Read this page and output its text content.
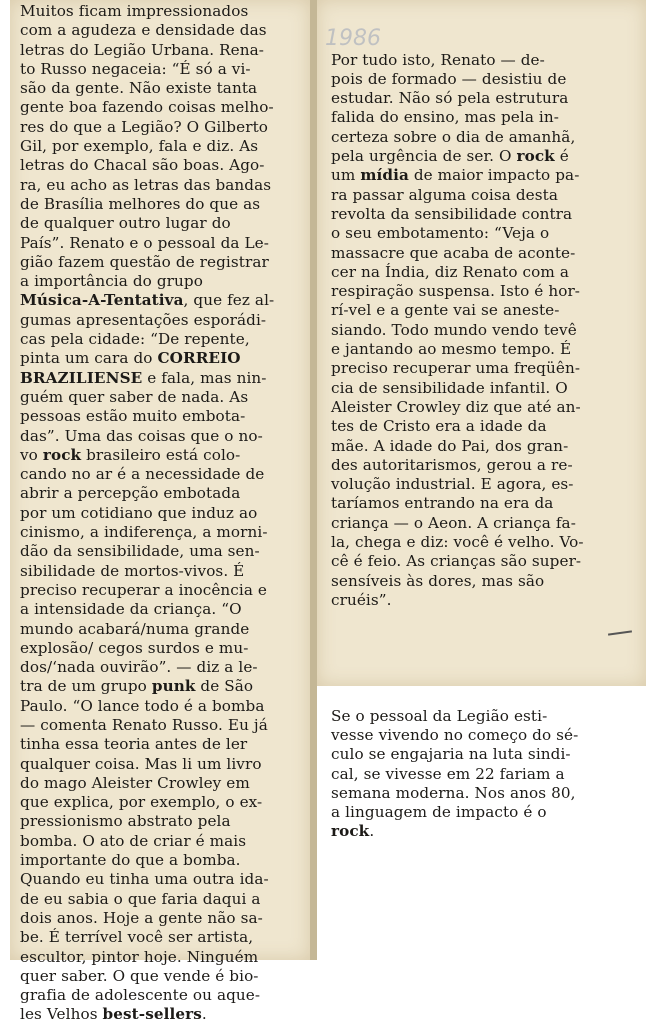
Muitos ficam impressionados
com a agudeza e densidade das
letras do Legião Urbana. Rena-
to Russo negaceia: “É só a vi-
são da gente. Não existe tanta
gente boa fazendo coisas melho-
res do que a Legião? O Gilberto
Gil, por exemplo, fala e diz. As
letras do Chacal são boas. Ago-
ra, eu acho as letras das bandas
de Brasília melhores do que as
de qualquer outro lugar do
País”. Renato e o pessoal da Le-
gião fazem questão de registrar
a importância do grupo
Música-A-Tentativa, que fez al-
gumas apresentações esporádi-
cas pela cidade: “De repente,
pinta um cara do CORREIO
BRAZILIENSE e fala, mas nin-
guém quer saber de nada. As
pessoas estão muito embota-
das”. Uma das coisas que o no-
vo rock brasileiro está colo-
cando no ar é a necessidade de
abrir a percepção embotada
por um cotidiano que induz ao
cinismo, a indiferença, a morni-
dão da sensibilidade, uma sen-
sibilidade de mortos-vivos. É
preciso recuperar a inocência e
a intensidade da criança. “O
mundo acabará/numa grande
explosão/ cegos surdos e mu-
dos/‘nada ouvirão”. — diz a le-
tra de um grupo punk de São
Paulo. “O lance todo é a bomba
— comenta Renato Russo. Eu já
tinha essa teoria antes de ler
qualquer coisa. Mas li um livro
do mago Aleister Crowley em
que explica, por exemplo, o ex-
pressionismo abstrato pela
bomba. O ato de criar é mais
importante do que a bomba.
Quando eu tinha uma outra ida-
de eu sabia o que faria daqui a
dois anos. Hoje a gente não sa-
be. É terrível você ser artista,
escultor, pintor hoje. Ninguém
quer saber. O que vende é bio-
grafia de adolescente ou aque-
les Velhos best-sellers.

Por tudo isto, Renato — de-
pois de formado — desistiu de
estudar. Não só pela estrutura
falida do ensino, mas pela in-
certeza sobre o dia de amanhã,
pela urgência de ser. O rock é
um mídia de maior impacto pa-
ra passar alguma coisa desta
revolta da sensibilidade contra
o seu embotamento: “Veja o
massacre que acaba de aconte-
cer na Índia, diz Renato com a
respiração suspensa. Isto é hor-
rí-vel e a gente vai se aneste-
siando. Todo mundo vendo tevê
e jantando ao mesmo tempo. É
preciso recuperar uma freqüên-
cia de sensibilidade infantil. O
Aleister Crowley diz que até an-
tes de Cristo era a idade da
mãe. A idade do Pai, dos gran-
des autoritarismos, gerou a re-
volução industrial. E agora, es-
taríamos entrando na era da
criança — o Aeon. A criança fa-
la, chega e diz: você é velho. Vo-
cê é feio. As crianças são super-
sensíveis às dores, mas são
cruéis”.

Se o pessoal da Legião esti-
vesse vivendo no começo do sé-
culo se engajaria na luta sindi-
cal, se vivesse em 22 fariam a
semana moderna. Nos anos 80,
a linguagem de impacto é o
rock.

1986
